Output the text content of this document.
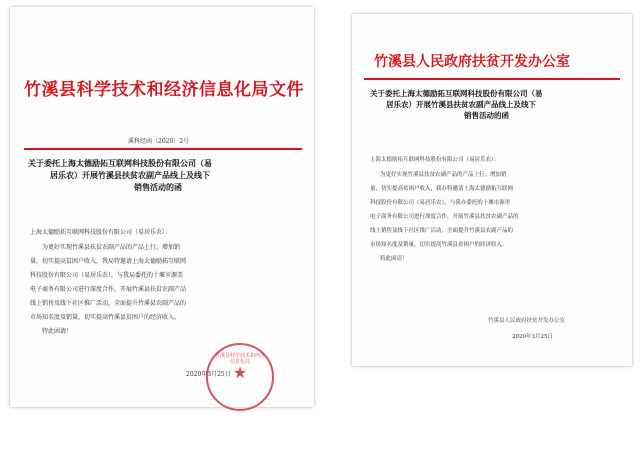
竹溪县科学技术和经济信息化局文件
溪科经函〔2020〕2号
关于委托上海太德励拓互联网科技股份有限公司（易
居乐农）开展竹溪县扶贫农副产品线上及线下
销售活动的函
上海太德励拓互联网科技股份有限公司（易居乐农）：
为更好实现竹溪县扶贫农副产品的产品上行，增加销
量，切实提高贫困户收入，我局特邀请上海太德励拓互联网
科技股份有限公司（易居乐农），与我局委托的十堰市源美
电子商务有限公司进行深度合作，开展竹溪县扶贫农副产品
线上销售及线下社区推广活动，全面提升竹溪县农副产品的
市场知名度及销量，切实提高竹溪县贫困户的经济收入。
特此函请！
竹溪县科学技术和经济信息化局
★
2020年3月25日
竹溪县人民政府扶贫开发办公室
关于委托上海太德励拓互联网科技股份有限公司（易
居乐农）开展竹溪县扶贫农副产品线上及线下
销售活动的函
上海太德励拓互联网科技股份有限公司（易居乐农）：
为更好实现竹溪县扶贫农副产品的产品上行，增加销
量，切实提高贫困户收入，我办特邀请上海太德励拓互联网
科技股份有限公司（易居乐农），与我办委托的十堰市源美
电子商务有限公司进行深度合作，开展竹溪县扶贫农副产品的
线上销售及线下社区推广活动，全面提升竹溪县农副产品的
市场知名度及销量，切实提高竹溪县贫困户的经济收入。
特此函请！
竹溪县人民政府扶贫开发办公室
2020年3月25日
